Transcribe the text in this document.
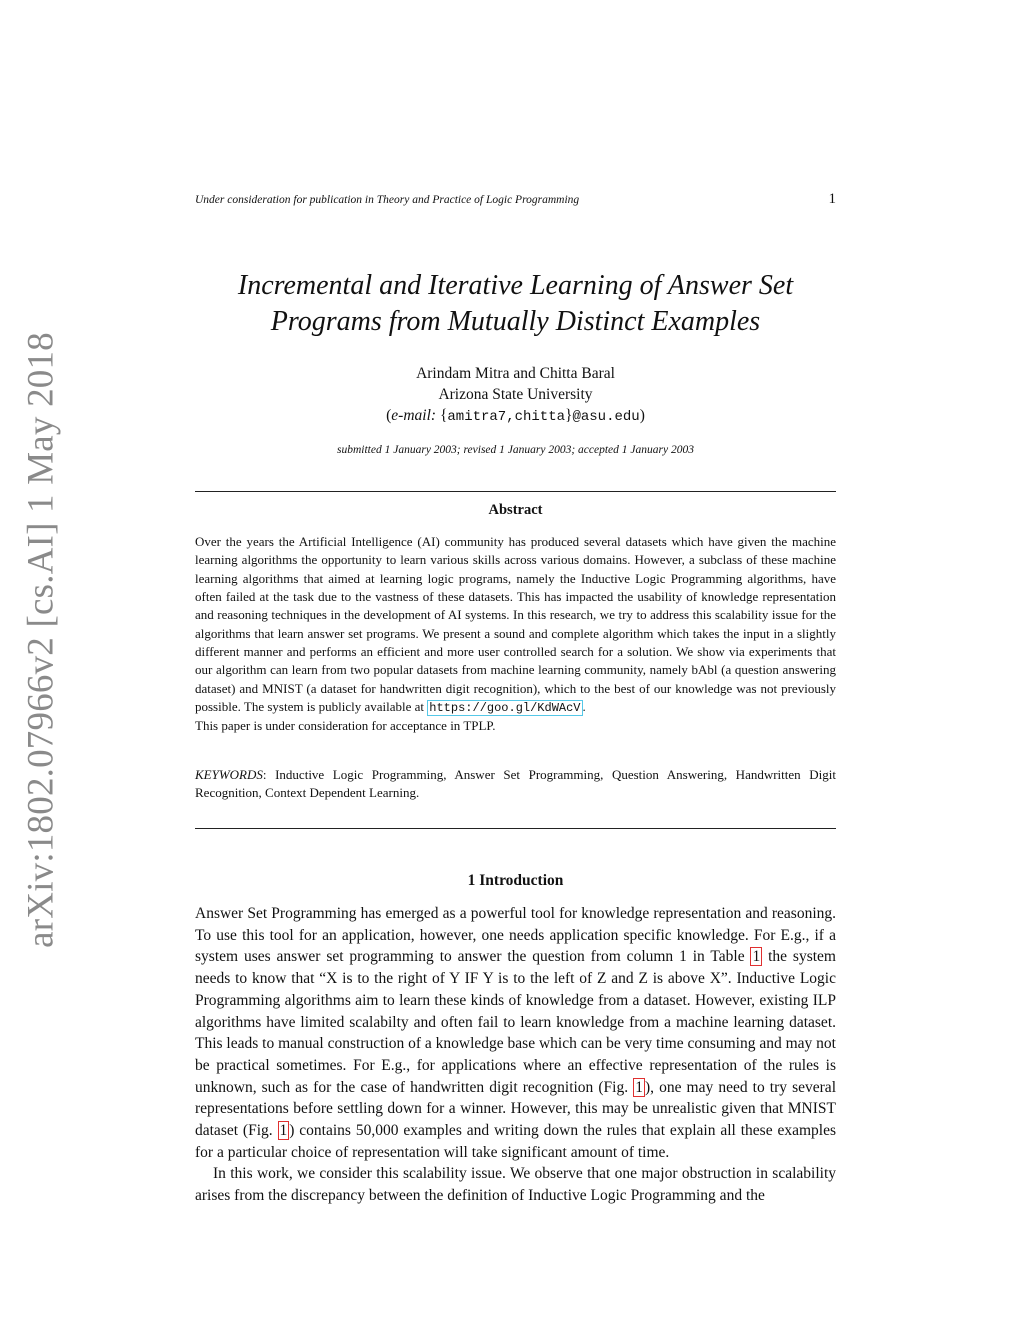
arXiv:1802.07966v2 [cs.AI] 1 May 2018
Under consideration for publication in Theory and Practice of Logic Programming	1
Incremental and Iterative Learning of Answer Set
Programs from Mutually Distinct Examples
Arindam Mitra and Chitta Baral
Arizona State University
(e-mail: {amitra7,chitta}@asu.edu)
submitted 1 January 2003; revised 1 January 2003; accepted 1 January 2003
Abstract
Over the years the Artificial Intelligence (AI) community has produced several datasets which have given the machine learning algorithms the opportunity to learn various skills across various domains. However, a subclass of these machine learning algorithms that aimed at learning logic programs, namely the Inductive Logic Programming algorithms, have often failed at the task due to the vastness of these datasets. This has impacted the usability of knowledge representation and reasoning techniques in the development of AI systems. In this research, we try to address this scalability issue for the algorithms that learn answer set programs. We present a sound and complete algorithm which takes the input in a slightly different manner and performs an efficient and more user controlled search for a solution. We show via experiments that our algorithm can learn from two popular datasets from machine learning community, namely bAbl (a question answering dataset) and MNIST (a dataset for handwritten digit recognition), which to the best of our knowledge was not previously possible. The system is publicly available at https://goo.gl/KdWAcV .
This paper is under consideration for acceptance in TPLP.
KEYWORDS: Inductive Logic Programming, Answer Set Programming, Question Answering, Handwritten Digit Recognition, Context Dependent Learning.
1 Introduction

Answer Set Programming has emerged as a powerful tool for knowledge representation and reasoning. To use this tool for an application, however, one needs application specific knowledge. For E.g., if a system uses answer set programming to answer the question from column 1 in Table 1 the system needs to know that “X is to the right of Y IF Y is to the left of Z and Z is above X”. Inductive Logic Programming algorithms aim to learn these kinds of knowledge from a dataset. However, existing ILP algorithms have limited scalabilty and often fail to learn knowledge from a machine learning dataset. This leads to manual construction of a knowledge base which can be very time consuming and may not be practical sometimes. For E.g., for applications where an effective representation of the rules is unknown, such as for the case of handwritten digit recognition (Fig. 1 ), one may need to try several representations before settling down for a winner. However, this may be unrealistic given that MNIST dataset (Fig. 1 ) contains 50,000 examples and writing down the rules that explain all these examples for a particular choice of representation will take significant amount of time.

In this work, we consider this scalability issue. We observe that one major obstruction in scalability arises from the discrepancy between the definition of Inductive Logic Programming and the
